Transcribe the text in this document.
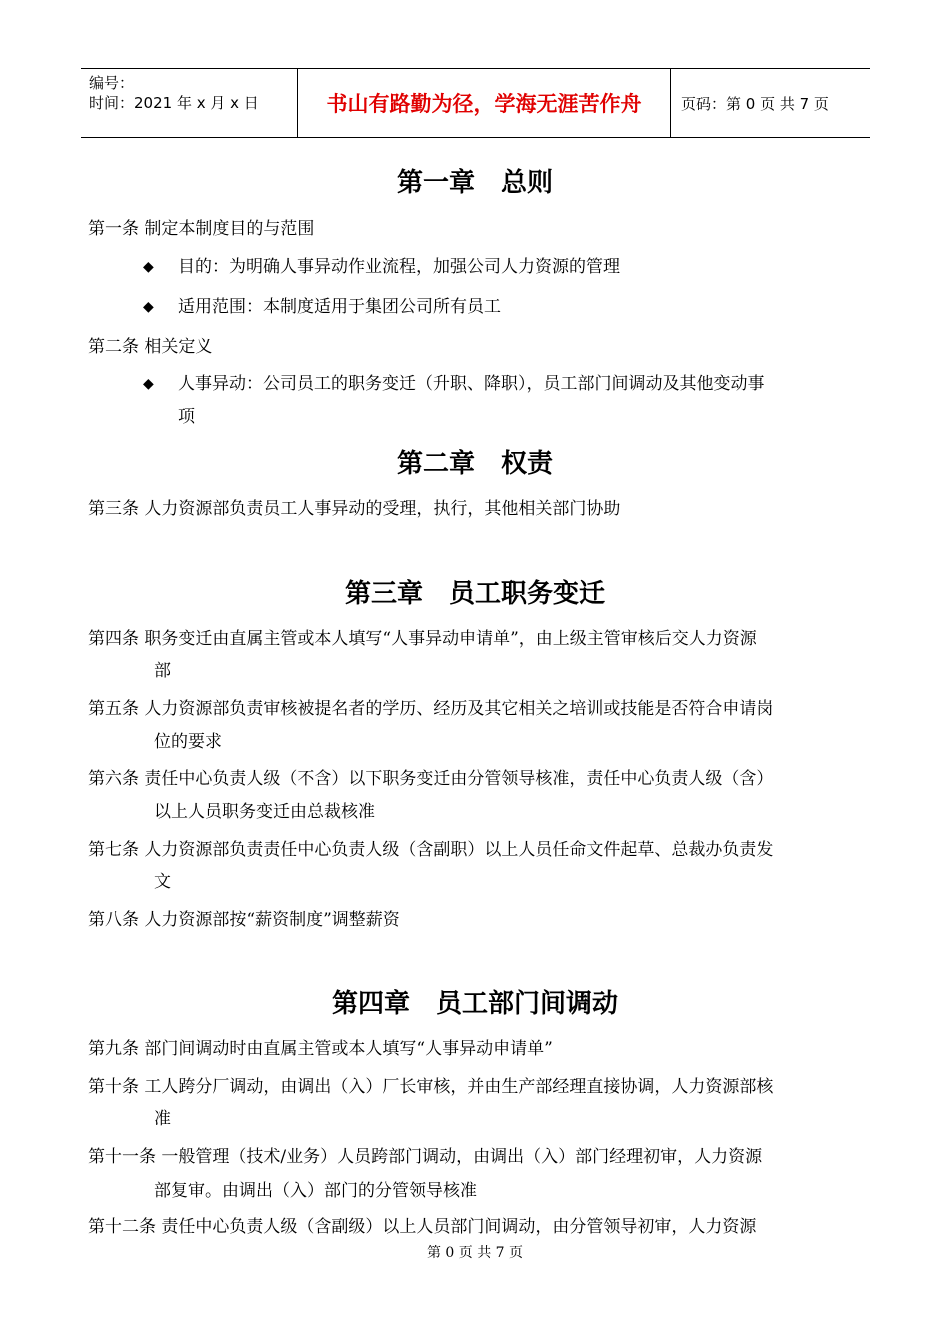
编号：
时间：2021 年 x 月 x 日	书山有路勤为径，学海无涯苦作舟	页码：第 0 页 共 7 页
第一章　总则
第一条 制定本制度目的与范围
◆ 目的：为明确人事异动作业流程，加强公司人力资源的管理
◆ 适用范围：本制度适用于集团公司所有员工
第二条 相关定义
◆ 人事异动：公司员工的职务变迁（升职、降职），员工部门间调动及其他变动事
项
第二章　权责
第三条 人力资源部负责员工人事异动的受理，执行，其他相关部门协助
第三章　员工职务变迁
第四条 职务变迁由直属主管或本人填写“人事异动申请单”，由上级主管审核后交人力资源
部
第五条 人力资源部负责审核被提名者的学历、经历及其它相关之培训或技能是否符合申请岗
位的要求
第六条 责任中心负责人级（不含）以下职务变迁由分管领导核准，责任中心负责人级（含）
以上人员职务变迁由总裁核准
第七条 人力资源部负责责任中心负责人级（含副职）以上人员任命文件起草、总裁办负责发
文
第八条 人力资源部按“薪资制度”调整薪资
第四章　员工部门间调动
第九条 部门间调动时由直属主管或本人填写“人事异动申请单”
第十条 工人跨分厂调动，由调出（入）厂长审核，并由生产部经理直接协调，人力资源部核
准
第十一条 一般管理（技术/业务）人员跨部门调动，由调出（入）部门经理初审，人力资源
部复审。由调出（入）部门的分管领导核准
第十二条 责任中心负责人级（含副级）以上人员部门间调动，由分管领导初审，人力资源
第 0 页 共 7 页
